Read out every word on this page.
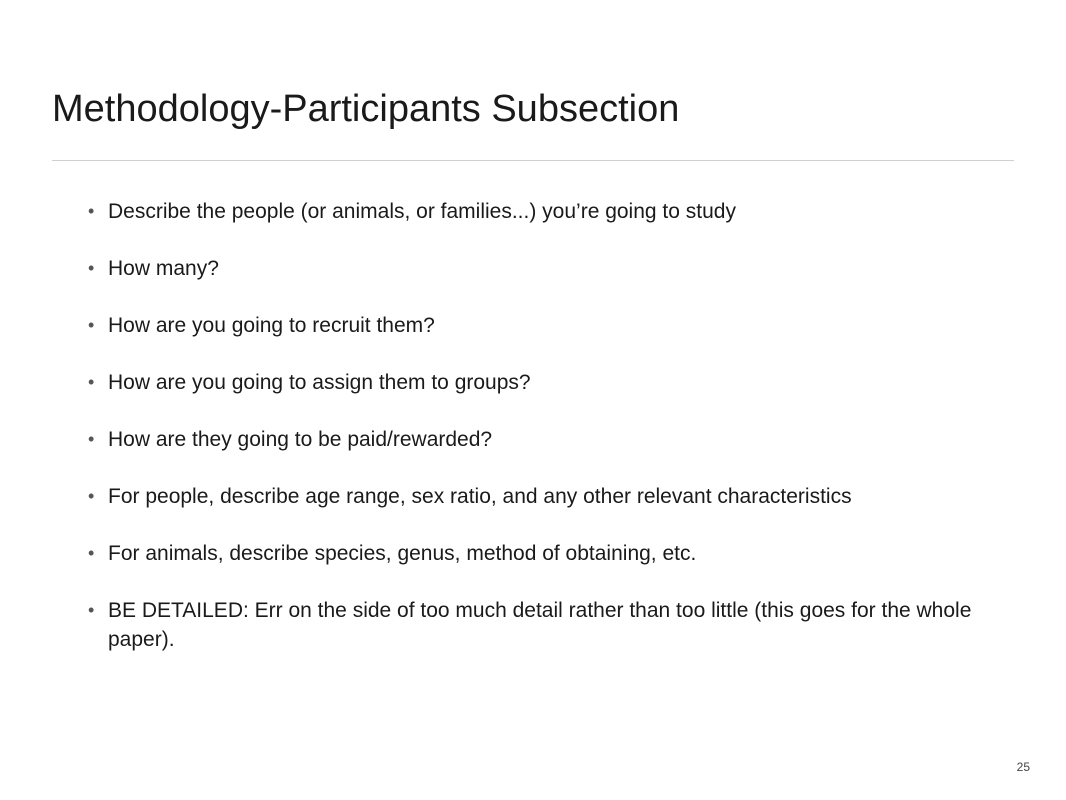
Methodology-Participants Subsection
• Describe the people (or animals, or families...) you’re going to study
• How many?
• How are you going to recruit them?
• How are you going to assign them to groups?
• How are they going to be paid/rewarded?
• For people, describe age range, sex ratio, and any other relevant characteristics
• For animals, describe species, genus, method of obtaining, etc.
• BE DETAILED: Err on the side of too much detail rather than too little (this goes for the whole paper).
25
